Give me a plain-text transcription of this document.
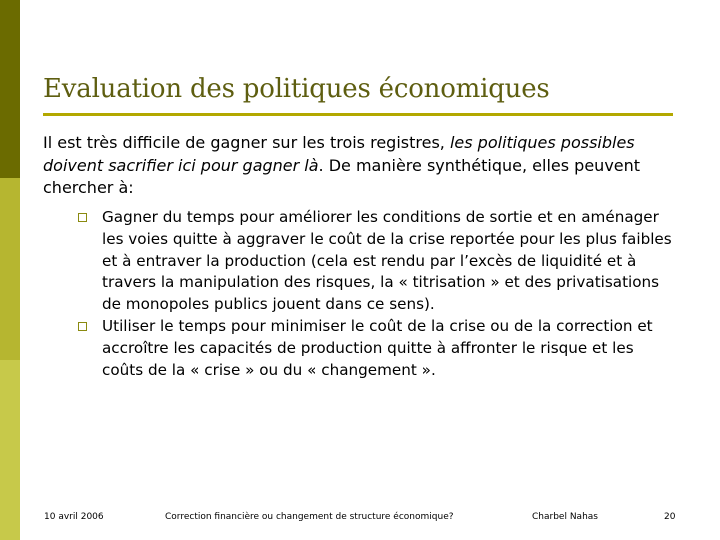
Evaluation des politiques économiques
Il est très difficile de gagner sur les trois registres, les politiques possibles doivent sacrifier ici pour gagner là. De manière synthétique, elles peuvent chercher à:
Gagner du temps pour améliorer les conditions de sortie et en aménager les voies quitte à aggraver le coût de la crise reportée pour les plus faibles et à entraver la production (cela est rendu par l’excès de liquidité et à travers la manipulation des risques, la « titrisation » et des privatisations de monopoles publics jouent dans ce sens).
Utiliser le temps pour minimiser le coût de la crise ou de la correction et accroître les capacités de production quitte à affronter le risque et les coûts de la « crise » ou du « changement ».
10 avril 2006	Correction financière ou changement de structure économique?	Charbel Nahas	20
